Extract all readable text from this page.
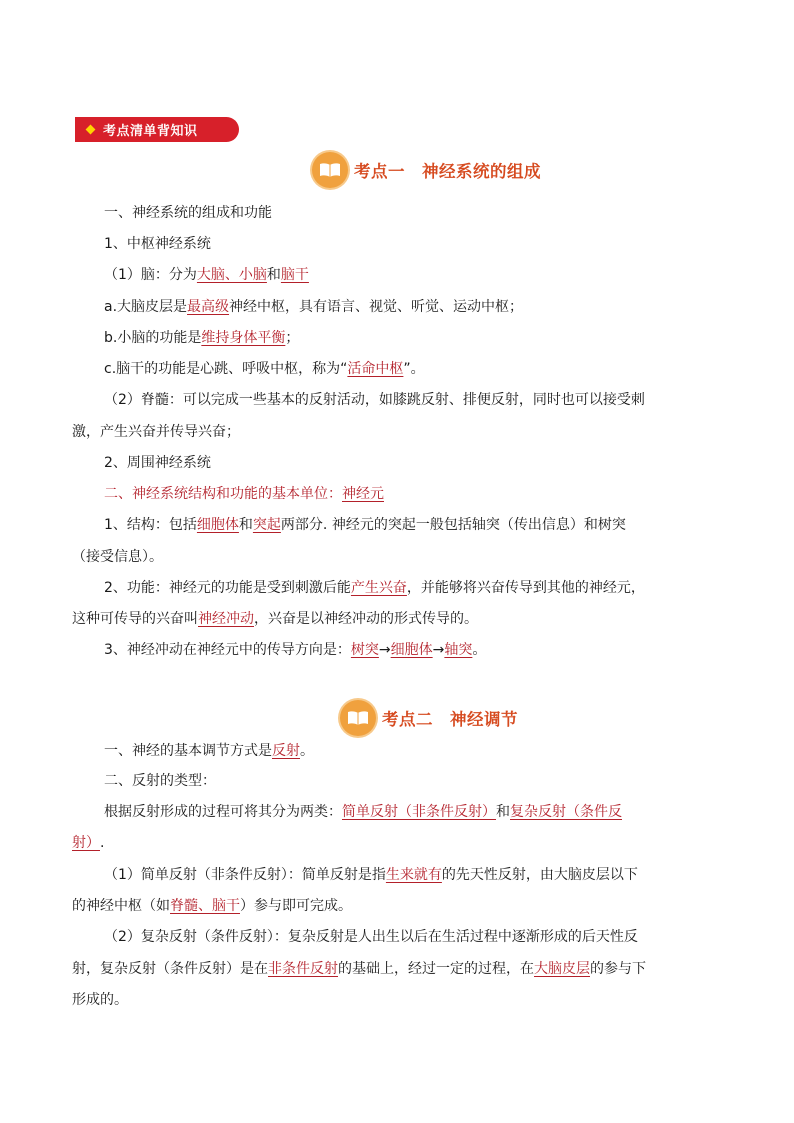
考点清单背知识
考点一　神经系统的组成
一、神经系统的组成和功能
1、中枢神经系统
（1）脑：分为大脑、小脑和脑干
a.大脑皮层是最高级神经中枢，具有语言、视觉、听觉、运动中枢；
b.小脑的功能是维持身体平衡；
c.脑干的功能是心跳、呼吸中枢，称为“活命中枢”。
（2）脊髓：可以完成一些基本的反射活动，如膝跳反射、排便反射，同时也可以接受刺
激，产生兴奋并传导兴奋；
2、周围神经系统
二、神经系统结构和功能的基本单位：神经元
1、结构：包括细胞体和突起两部分. 神经元的突起一般包括轴突（传出信息）和树突
（接受信息）。
2、功能：神经元的功能是受到刺激后能产生兴奋，并能够将兴奋传导到其他的神经元，
这种可传导的兴奋叫神经冲动，兴奋是以神经冲动的形式传导的。
3、神经冲动在神经元中的传导方向是：树突→细胞体→轴突。
考点二　神经调节
一、神经的基本调节方式是反射。
二、反射的类型：
根据反射形成的过程可将其分为两类：简单反射（非条件反射）和复杂反射（条件反
射）.
（1）简单反射（非条件反射）：简单反射是指生来就有的先天性反射，由大脑皮层以下
的神经中枢（如脊髓、脑干）参与即可完成。
（2）复杂反射（条件反射）：复杂反射是人出生以后在生活过程中逐渐形成的后天性反
射，复杂反射（条件反射）是在非条件反射的基础上，经过一定的过程，在大脑皮层的参与下
形成的。
